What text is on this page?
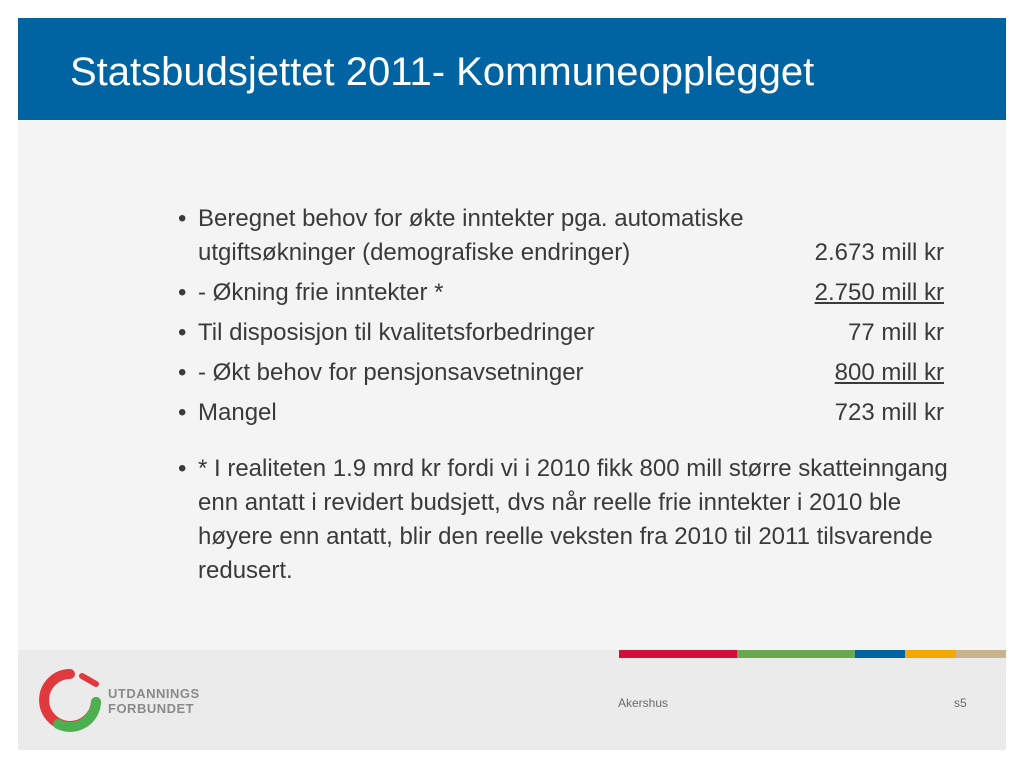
Statsbudsjettet 2011- Kommuneopplegget
• Beregnet behov for økte inntekter pga. automatiske
utgiftsøkninger (demografiske endringer)	2.673 mill kr
• - Økning frie inntekter *	2.750 mill kr
• Til disposisjon til kvalitetsforbedringer	77 mill kr
• - Økt behov for pensjonsavsetninger	800 mill kr
• Mangel	723 mill kr
• * I realiteten 1.9 mrd kr fordi vi i 2010 fikk 800 mill større skatteinngang enn antatt i revidert budsjett, dvs når reelle frie inntekter i 2010 ble høyere enn antatt, blir den reelle veksten fra 2010 til 2011 tilsvarende redusert.
UTDANNINGS
FORBUNDET	Akershus	s5
